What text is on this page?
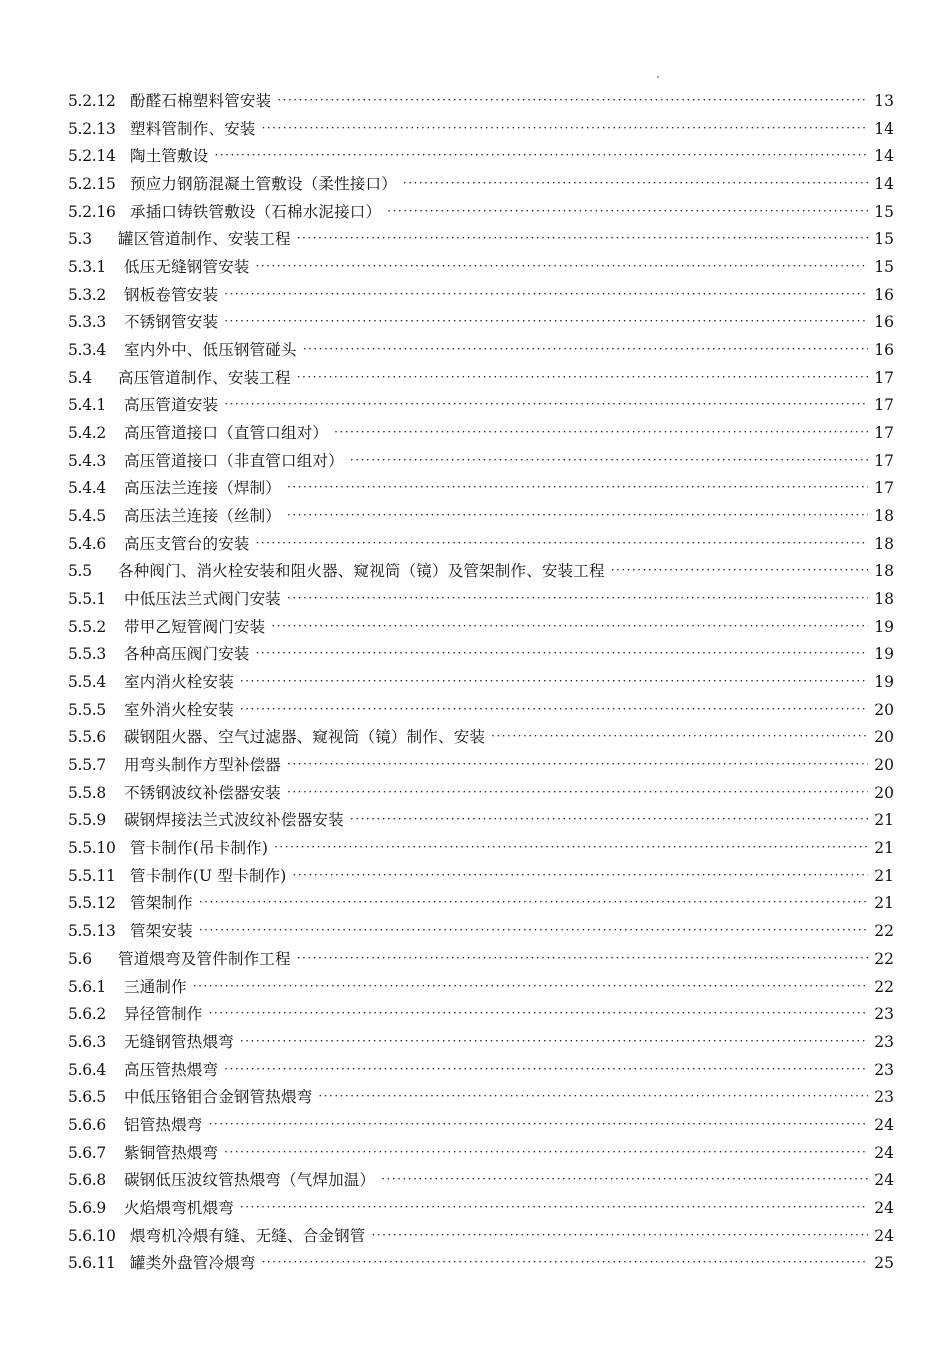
5.2.12 酚醛石棉塑料管安装 ·····	13
5.2.13 塑料管制作、安装 ·····	14
5.2.14 陶土管敷设 ·····	14
5.2.15 预应力钢筋混凝土管敷设（柔性接口） ·····	14
5.2.16 承插口铸铁管敷设（石棉水泥接口） ·····	15
5.3	罐区管道制作、安装工程 ·····	15
5.3.1	低压无缝钢管安装 ·····	15
5.3.2	钢板卷管安装 ·····	16
5.3.3	不锈钢管安装 ·····	16
5.3.4	室内外中、低压钢管碰头 ·····	16
5.4	高压管道制作、安装工程 ·····	17
5.4.1	高压管道安装 ·····	17
5.4.2	高压管道接口（直管口组对） ·····	17
5.4.3	高压管道接口（非直管口组对） ·····	17
5.4.4	高压法兰连接（焊制） ·····	17
5.4.5	高压法兰连接（丝制） ·····	18
5.4.6	高压支管台的安装 ·····	18
5.5	各种阀门、消火栓安装和阻火器、窥视筒（镜）及管架制作、安装工程 ·····	18
5.5.1	中低压法兰式阀门安装 ·····	18
5.5.2	带甲乙短管阀门安装 ·····	19
5.5.3	各种高压阀门安装 ·····	19
5.5.4	室内消火栓安装 ·····	19
5.5.5	室外消火栓安装 ·····	20
5.5.6	碳钢阻火器、空气过滤器、窥视筒（镜）制作、安装 ·····	20
5.5.7	用弯头制作方型补偿器 ·····	20
5.5.8	不锈钢波纹补偿器安装 ·····	20
5.5.9	碳钢焊接法兰式波纹补偿器安装 ·····	21
5.5.10 管卡制作(吊卡制作) ·····	21
5.5.11 管卡制作(U 型卡制作) ·····	21
5.5.12 管架制作 ·····	21
5.5.13 管架安装 ·····	22
5.6	管道煨弯及管件制作工程 ·····	22
5.6.1	三通制作 ·····	22
5.6.2	异径管制作 ·····	23
5.6.3	无缝钢管热煨弯 ·····	23
5.6.4	高压管热煨弯 ·····	23
5.6.5	中低压铬钼合金钢管热煨弯 ·····	23
5.6.6	铝管热煨弯 ·····	24
5.6.7	紫铜管热煨弯 ·····	24
5.6.8	碳钢低压波纹管热煨弯（气焊加温） ·····	24
5.6.9	火焰煨弯机煨弯 ·····	24
5.6.10 煨弯机冷煨有缝、无缝、合金钢管 ·····	24
5.6.11 罐类外盘管冷煨弯 ·····	25
